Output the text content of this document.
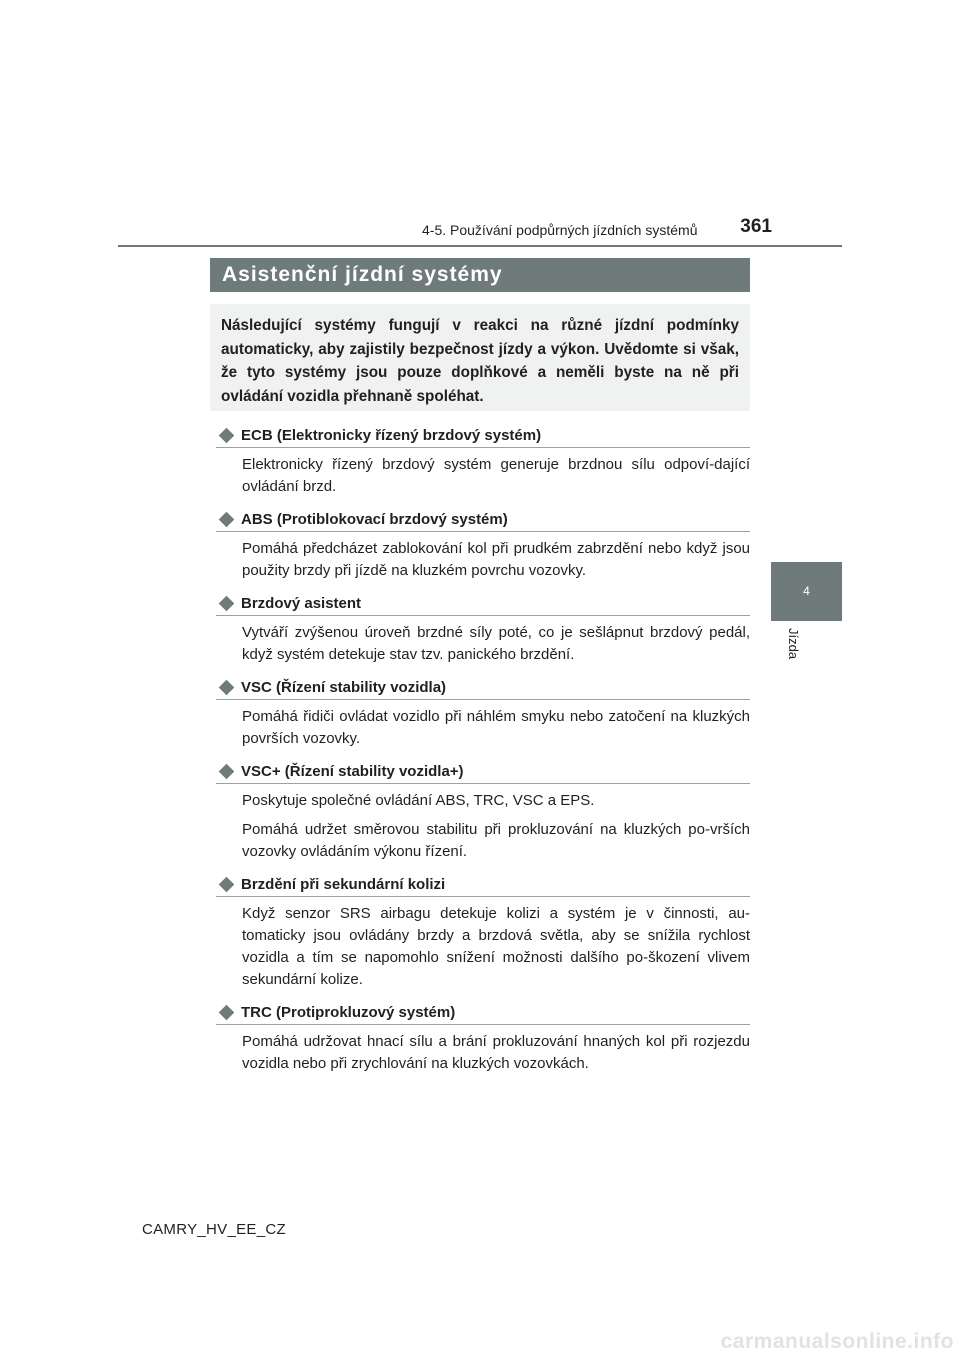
4-5. Používání podpůrných jízdních systémů 361
4
Jízda
Asistenční jízdní systémy
Následující systémy fungují v reakci na různé jízdní podmínky automaticky, aby zajistily bezpečnost jízdy a výkon. Uvědomte si však, že tyto systémy jsou pouze doplňkové a neměli byste na ně při ovládání vozidla přehnaně spoléhat.
ECB (Elektronicky řízený brzdový systém)

Elektronicky řízený brzdový systém generuje brzdnou sílu odpoví-dající ovládání brzd.

ABS (Protiblokovací brzdový systém)

Pomáhá předcházet zablokování kol při prudkém zabrzdění nebo když jsou použity brzdy při jízdě na kluzkém povrchu vozovky.

Brzdový asistent

Vytváří zvýšenou úroveň brzdné síly poté, co je sešlápnut brzdový pedál, když systém detekuje stav tzv. panického brzdění.

VSC (Řízení stability vozidla)

Pomáhá řidiči ovládat vozidlo při náhlém smyku nebo zatočení na kluzkých površích vozovky.

VSC+ (Řízení stability vozidla+)

Poskytuje společné ovládání ABS, TRC, VSC a EPS.

Pomáhá udržet směrovou stabilitu při prokluzování na kluzkých po-vrších vozovky ovládáním výkonu řízení.

Brzdění při sekundární kolizi

Když senzor SRS airbagu detekuje kolizi a systém je v činnosti, au-tomaticky jsou ovládány brzdy a brzdová světla, aby se snížila rychlost vozidla a tím se napomohlo snížení možnosti dalšího po-škození vlivem sekundární kolize.

TRC (Protiprokluzový systém)

Pomáhá udržovat hnací sílu a brání prokluzování hnaných kol při rozjezdu vozidla nebo při zrychlování na kluzkých vozovkách.

CAMRY_HV_EE_CZ
carmanualsonline.info
